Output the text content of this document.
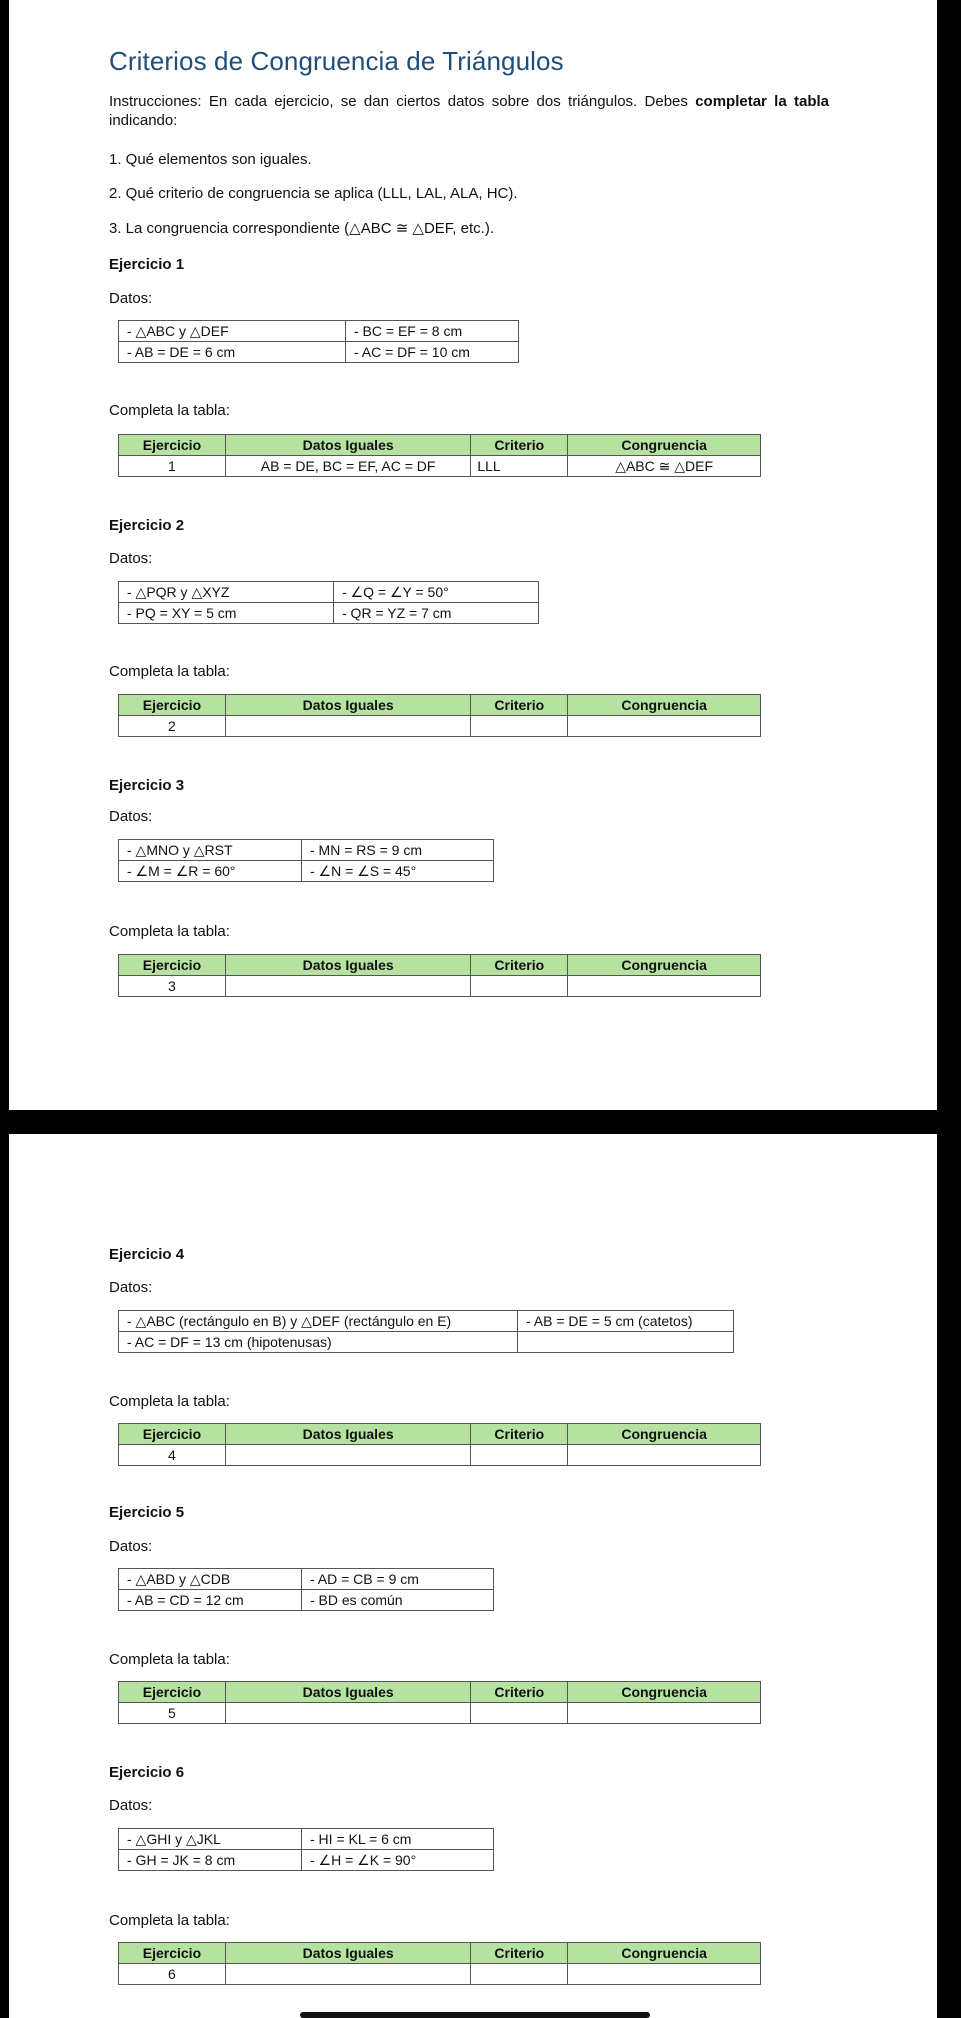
Criterios de Congruencia de Triángulos
Instrucciones: En cada ejercicio, se dan ciertos datos sobre dos triángulos. Debes completar la tabla indicando:
1. Qué elementos son iguales.
2. Qué criterio de congruencia se aplica (LLL, LAL, ALA, HC).
3. La congruencia correspondiente (△ABC ≅ △DEF, etc.).
Ejercicio 1
Datos:
- △ABC y △DEF	- BC = EF = 8 cm
- AB = DE = 6 cm	- AC = DF = 10 cm
Completa la tabla:
Ejercicio	Datos Iguales	Criterio	Congruencia
1	AB = DE, BC = EF, AC = DF	LLL	△ABC ≅ △DEF
Ejercicio 2
Datos:
- △PQR y △XYZ	- ∠Q = ∠Y = 50°
- PQ = XY = 5 cm	- QR = YZ = 7 cm
Completa la tabla:
Ejercicio	Datos Iguales	Criterio	Congruencia
2			
Ejercicio 3
Datos:
- △MNO y △RST	- MN = RS = 9 cm
- ∠M = ∠R = 60°	- ∠N = ∠S = 45°
Completa la tabla:
Ejercicio	Datos Iguales	Criterio	Congruencia
3			
Ejercicio 4
Datos:
- △ABC (rectángulo en B) y △DEF (rectángulo en E)	- AB = DE = 5 cm (catetos)
- AC = DF = 13 cm (hipotenusas)	
Completa la tabla:
Ejercicio	Datos Iguales	Criterio	Congruencia
4			
Ejercicio 5
Datos:
- △ABD y △CDB	- AD = CB = 9 cm
- AB = CD = 12 cm	- BD es común
Completa la tabla:
Ejercicio	Datos Iguales	Criterio	Congruencia
5			
Ejercicio 6
Datos:
- △GHI y △JKL	- HI = KL = 6 cm
- GH = JK = 8 cm	- ∠H = ∠K = 90°
Completa la tabla:
Ejercicio	Datos Iguales	Criterio	Congruencia
6			
